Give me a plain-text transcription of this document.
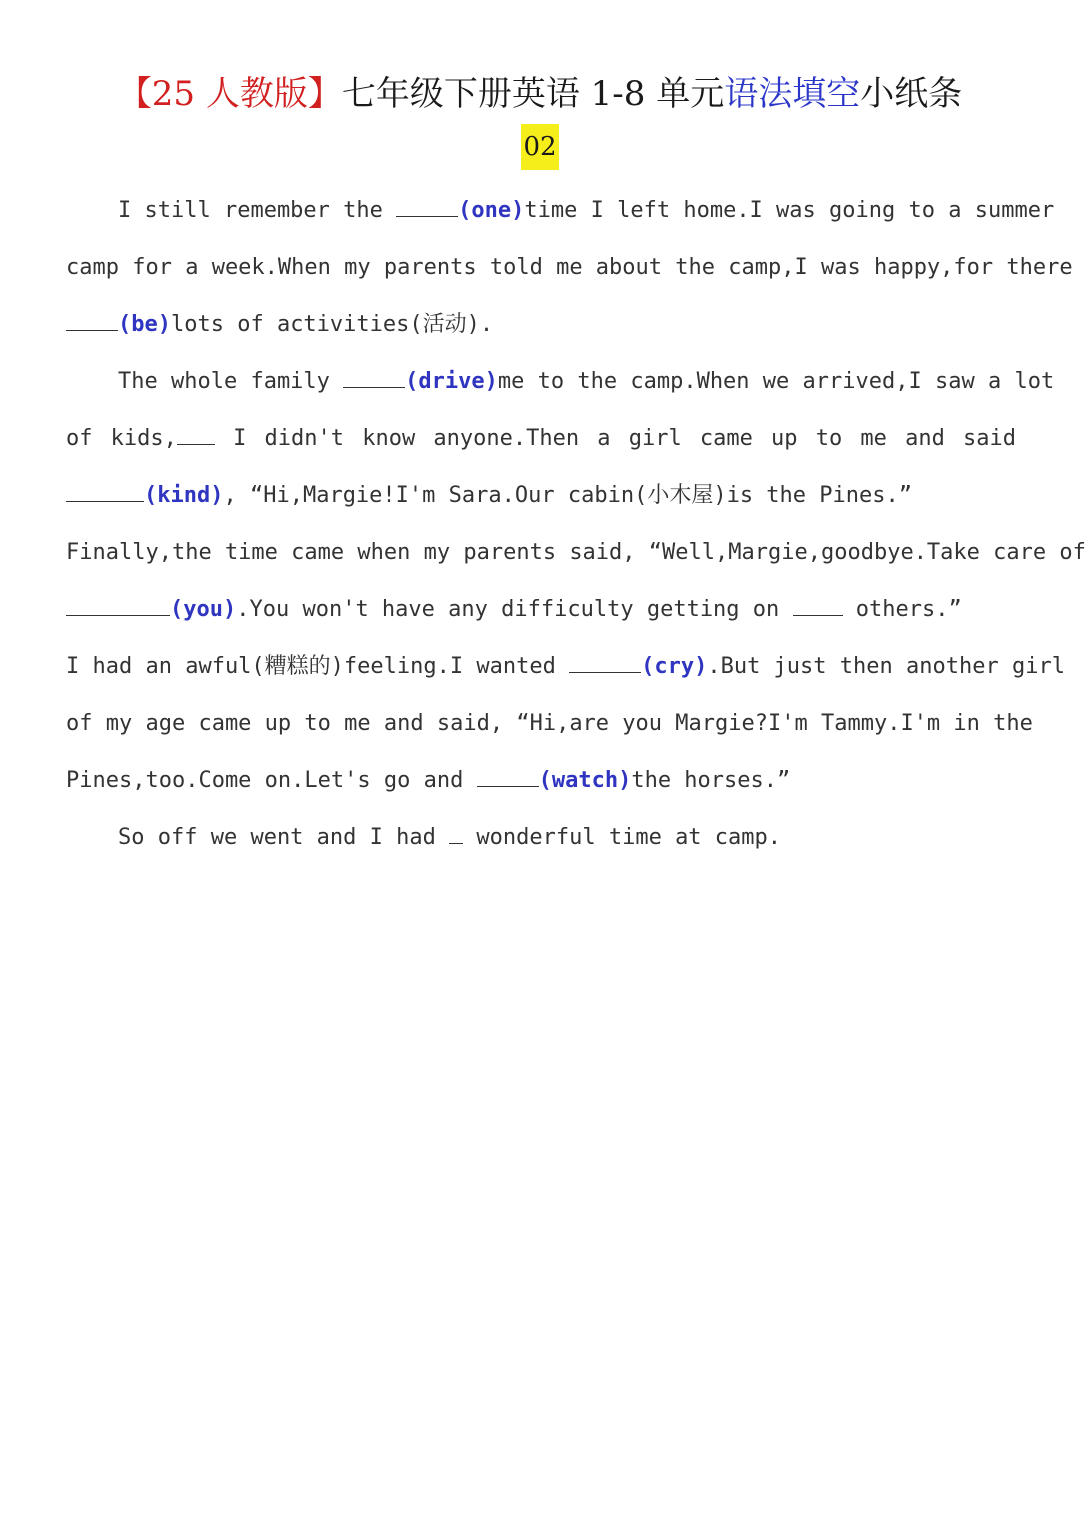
【25 人教版】七年级下册英语 1-8 单元语法填空小纸条
02
I still remember the	(one)time I left home.I was going to a summer
camp for a week.When my parents told me about the camp,I was happy,for there
(be)lots of activities(活动).
The whole family	(drive)me to the camp.When we arrived,I saw a lot
of kids, I didn't know anyone.Then a girl came up to me and said
(kind), “Hi,Margie!I'm Sara.Our cabin(小木屋)is the Pines.”
Finally,the time came when my parents said, “Well,Margie,goodbye.Take care of
(you).You won't have any difficulty getting on  others.”
I had an awful(糟糕的)feeling.I wanted	(cry).But just then another girl
of my age came up to me and said, “Hi,are you Margie?I'm Tammy.I'm in the
Pines,too.Come on.Let's go and	(watch)the horses.”
So off we went and I had  wonderful time at camp.
